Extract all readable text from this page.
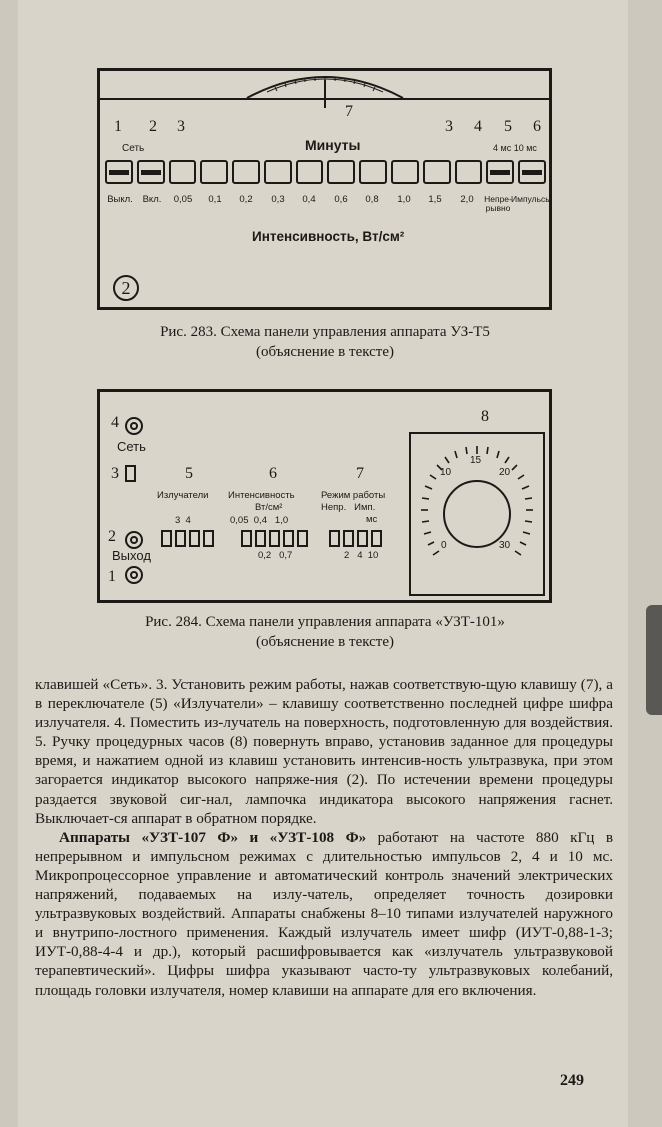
7
1 2 3	3 4 5 6
Сеть	Минуты	4 мс 10 мс
Выкл.	Вкл.	0,05	0,1	0,2	0,3	0,4	0,6	0,8	1,0	1,5	2,0	Непре-рывно
Импульсы
Интенсивность, Вт/см²
2
Рис. 283. Схема панели управления аппарата УЗ-Т5
(объяснение в тексте)
8
4
Сеть
3	5	6	7
Излучатели Интенсивность
Вт/см²
Режим работы
Непр.   Имп.
мс
3  4	0,05  0,4   1,0
0,2   0,7	2   4  10
2
Выход
1
15
10	20
0	30
Рис. 284. Схема панели управления аппарата «УЗТ-101»
(объяснение в тексте)

клавишей «Сеть». 3. Установить режим работы, нажав соответствую-щую клавишу (7), а в переключателе (5) «Излучатели» – клавишу соответственно последней цифре шифра излучателя. 4. Поместить из-лучатель на поверхность, подготовленную для воздействия. 5. Ручку процедурных часов (8) повернуть вправо, установив заданное для процедуры время, и нажатием одной из клавиш установить интенсив-ность ультразвука, при этом загорается индикатор высокого напряже-ния (2). По истечении времени процедуры раздается звуковой сиг-нал, лампочка индикатора высокого напряжения гаснет. Выключает-ся аппарат в обратном порядке.

Аппараты «УЗТ-107 Ф» и «УЗТ-108 Ф» работают на частоте 880 кГц в непрерывном и импульсном режимах с длительностью импульсов 2, 4 и 10 мс. Микропроцессорное управление и автоматический контроль значений электрических напряжений, подаваемых на излу-чатель, определяет точность дозировки ультразвуковых воздействий. Аппараты снабжены 8–10 типами излучателей наружного и внутрипо-лостного применения. Каждый излучатель имеет шифр (ИУТ-0,88-1-3; ИУТ-0,88-4-4 и др.), который расшифровывается как «излучатель ультразвуковой терапевтический». Цифры шифра указывают часто-ту ультразвуковых колебаний, площадь головки излучателя, номер клавиши на аппарате для его включения.

249
